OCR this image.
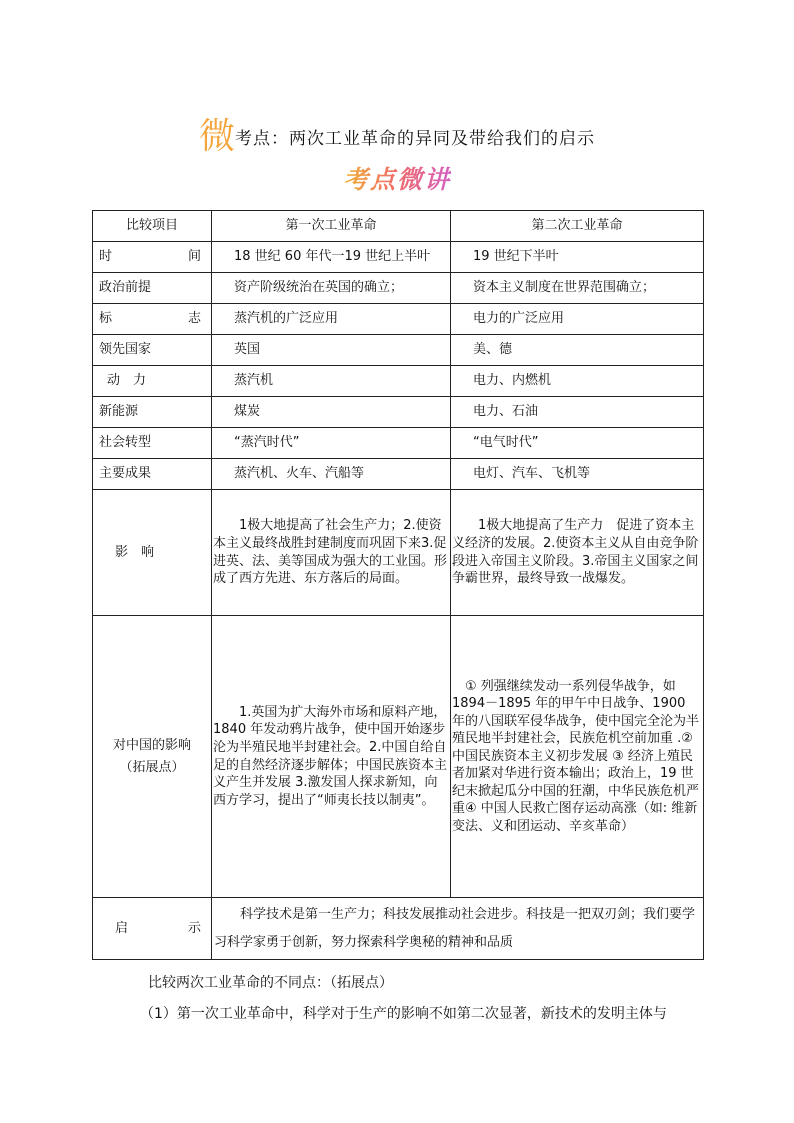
微考点：两次工业革命的异同及带给我们的启示
考点微讲
比较项目	第一次工业革命	第二次工业革命
时　　间	18 世纪 60 年代一19 世纪上半叶	19 世纪下半叶
政治前提	资产阶级统治在英国的确立；	资本主义制度在世界范围确立；
标　　志	蒸汽机的广泛应用	电力的广泛应用
领先国家	英国	美、德
动　力	蒸汽机	电力、内燃机
新能源	煤炭	电力、石油
社会转型	“蒸汽时代”	“电气时代”
主要成果	蒸汽机、火车、汽船等	电灯、汽车、飞机等
影　响	1极大地提高了社会生产力；2.使资本主义最终战胜封建制度而巩固下来3.促进英、法、美等国成为强大的工业国。形成了西方先进、东方落后的局面。	1极大地提高了生产力　促进了资本主义经济的发展。2.使资本主义从自由竞争阶段进入帝国主义阶段。3.帝国主义国家之间争霸世界，最终导致一战爆发。

对中国的影响
（拓展点）	1.英国为扩大海外市场和原料产地，1840 年发动鸦片战争，使中国开始逐步沦为半殖民地半封建社会。2.中国自给自足的自然经济逐步解体；中国民族资本主义产生并发展 3.激发国人探求新知，向西方学习，提出了“师夷长技以制夷”。	① 列强继续发动一系列侵华战争，如 1894－1895 年的甲午中日战争、1900 年的八国联军侵华战争，使中国完全沦为半殖民地半封建社会，民族危机空前加重 .② 中国民族资本主义初步发展 ③ 经济上殖民者加紧对华进行资本输出；政治上，19 世纪末掀起瓜分中国的狂潮，中华民族危机严重④ 中国人民救亡图存运动高涨（如: 维新变法、义和团运动、辛亥革命）
启　　示	科学技术是第一生产力；科技发展推动社会进步。科技是一把双刃剑；我们要学习科学家勇于创新，努力探索科学奥秘的精神和品质	
比较两次工业革命的不同点：（拓展点）
（1）第一次工业革命中，科学对于生产的影响不如第二次显著，新技术的发明主体与
